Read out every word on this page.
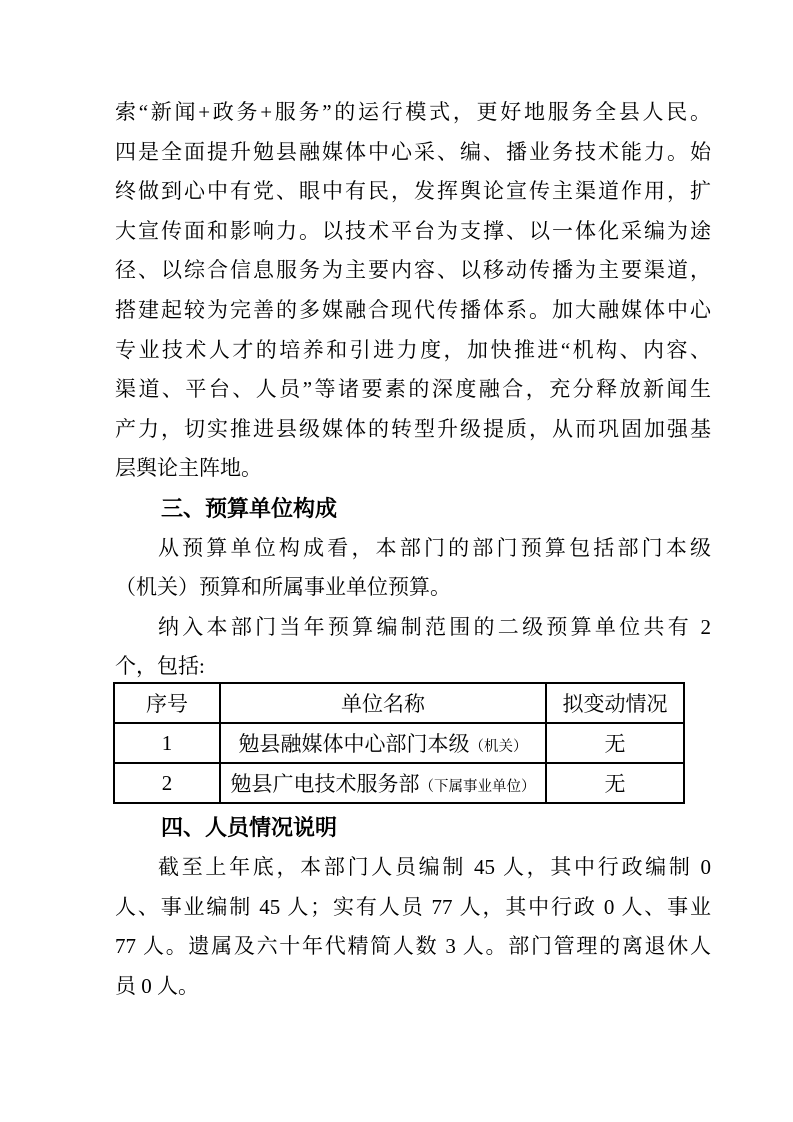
索“新闻+政务+服务”的运行模式，更好地服务全县人民。
四是全面提升勉县融媒体中心采、编、播业务技术能力。始
终做到心中有党、眼中有民，发挥舆论宣传主渠道作用，扩
大宣传面和影响力。以技术平台为支撑、以一体化采编为途
径、以综合信息服务为主要内容、以移动传播为主要渠道，
搭建起较为完善的多媒融合现代传播体系。加大融媒体中心
专业技术人才的培养和引进力度，加快推进“机构、内容、
渠道、平台、人员”等诸要素的深度融合，充分释放新闻生
产力，切实推进县级媒体的转型升级提质，从而巩固加强基
层舆论主阵地。
三、预算单位构成
从预算单位构成看，本部门的部门预算包括部门本级
（机关）预算和所属事业单位预算。
纳入本部门当年预算编制范围的二级预算单位共有 2
个，包括:
序号	单位名称	拟变动情况
1	勉县融媒体中心部门本级（机关）	无
2	勉县广电技术服务部（下属事业单位）	无
四、人员情况说明
截至上年底，本部门人员编制 45 人，其中行政编制 0
人、事业编制 45 人；实有人员 77 人，其中行政 0 人、事业
77 人。遗属及六十年代精简人数 3 人。部门管理的离退休人
员 0 人。
